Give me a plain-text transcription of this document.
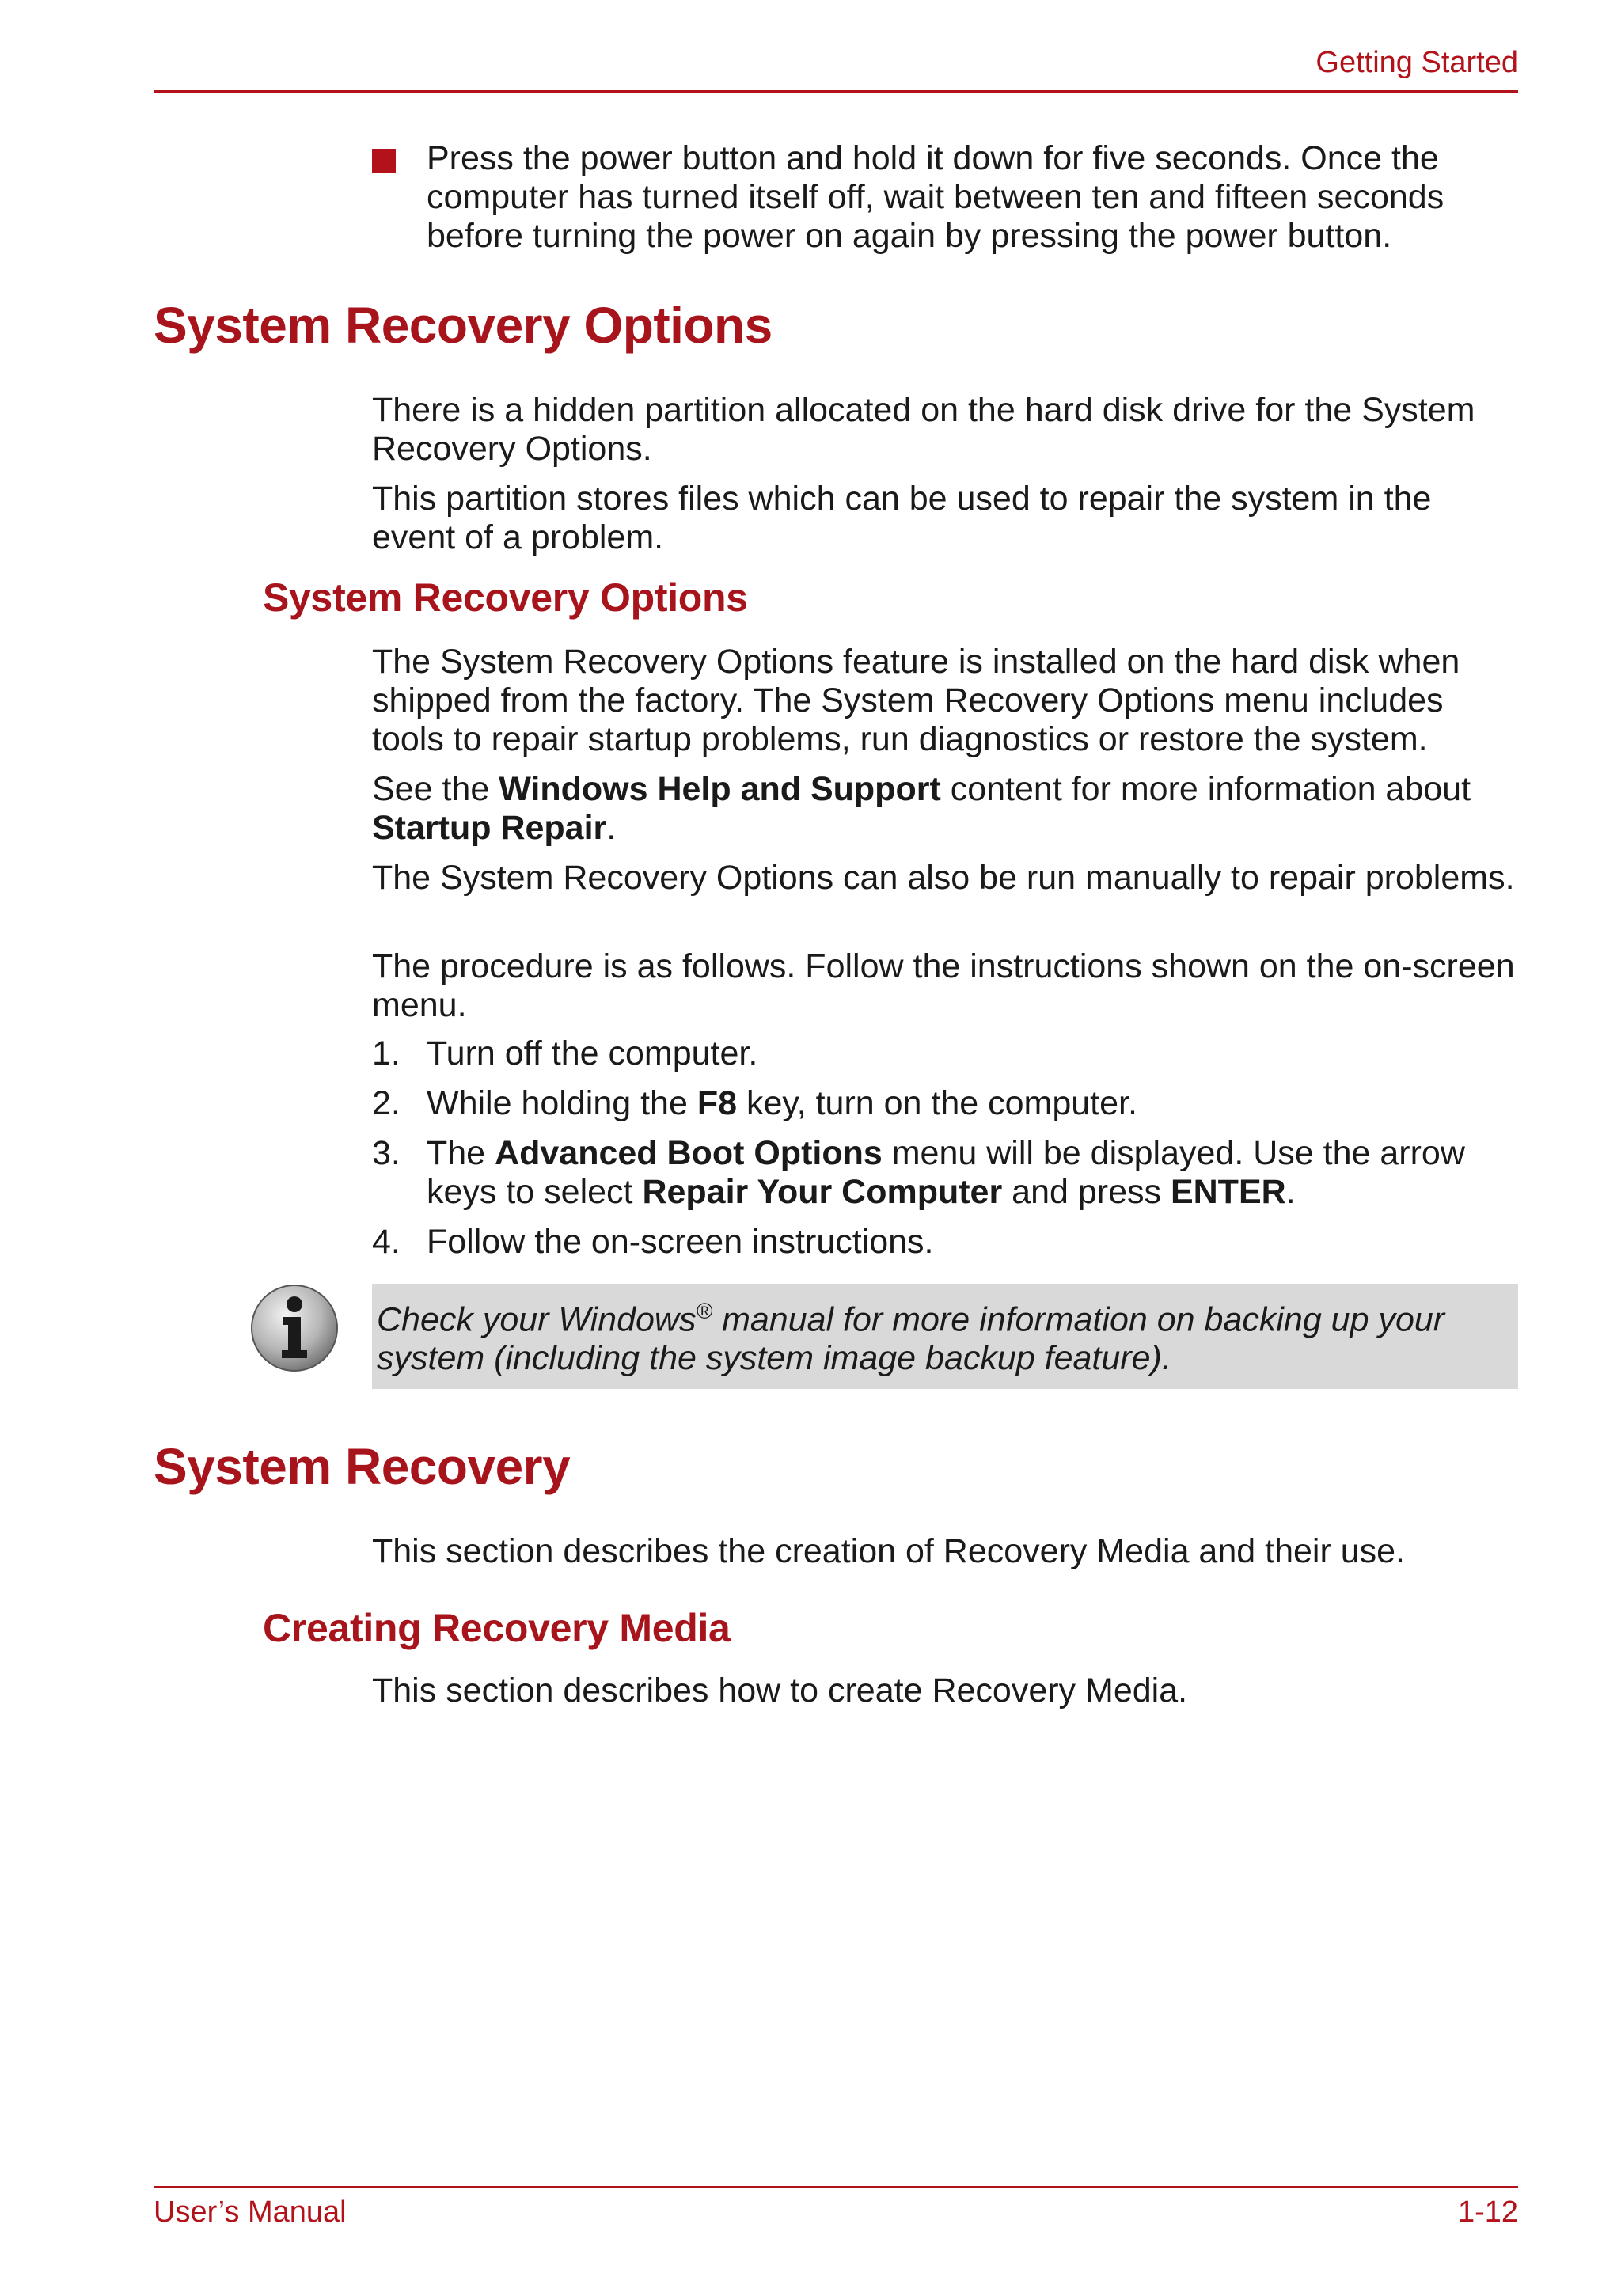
Getting Started
Press the power button and hold it down for five seconds. Once the computer has turned itself off, wait between ten and fifteen seconds before turning the power on again by pressing the power button.
System Recovery Options
There is a hidden partition allocated on the hard disk drive for the System Recovery Options.
This partition stores files which can be used to repair the system in the event of a problem.
System Recovery Options
The System Recovery Options feature is installed on the hard disk when shipped from the factory. The System Recovery Options menu includes tools to repair startup problems, run diagnostics or restore the system.
See the Windows Help and Support content for more information about Startup Repair.
The System Recovery Options can also be run manually to repair problems.
The procedure is as follows. Follow the instructions shown on the on-screen menu.
1. Turn off the computer.
2. While holding the F8 key, turn on the computer.
3. The Advanced Boot Options menu will be displayed. Use the arrow keys to select Repair Your Computer and press ENTER.
4. Follow the on-screen instructions.
Check your Windows® manual for more information on backing up your system (including the system image backup feature).
System Recovery
This section describes the creation of Recovery Media and their use.
Creating Recovery Media
This section describes how to create Recovery Media.
User’s Manual	1-12
